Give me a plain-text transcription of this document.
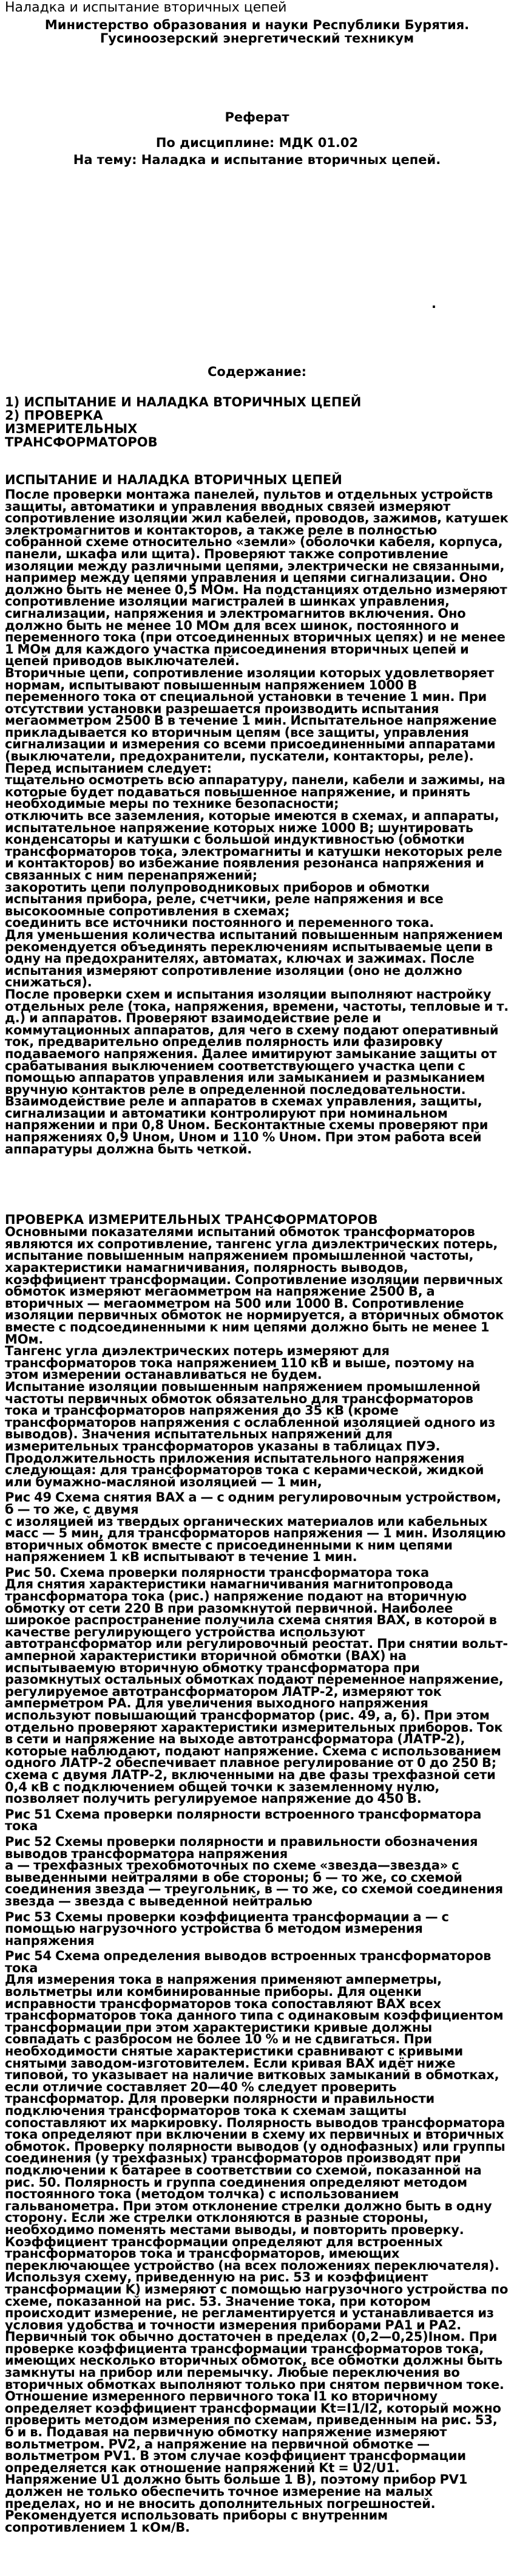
Наладка и испытание вторичных цепей
Министерство образования и науки Республики Бурятия.
Гусиноозерский энергетический техникум
Реферат
По дисциплине: МДК 01.02
На тему: Наладка и испытание вторичных цепей.
.
Содержание:
1) ИСПЫТАНИЕ И НАЛАДКА ВТОРИЧНЫХ ЦЕПЕЙ
2) ПРОВЕРКА ИЗМЕРИТЕЛЬНЫХ ТРАНСФОРМАТОРОВ
ИСПЫТАНИЕ И НАЛАДКА ВТОРИЧНЫХ ЦЕПЕЙ

После проверки монтажа панелей, пультов и отдельных устройств защиты, автоматики и управления вводных связей измеряют сопротивление изоляции жил кабелей, проводов, зажимов, катушек электромагнитов и контакторов, а также реле в полностью собранной схеме относительно «земли» (оболочки кабеля, корпуса, панели, шкафа или щита). Проверяют также сопротивление изоляции между различными цепями, электрически не связанными, например между цепями управления и цепями сигнализации. Оно должно быть не менее 0,5 МОм. На подстанциях отдельно измеряют сопротивление изоляции магистралей в шинках управления, сигнализации, напряжения и электромагнитов включения. Оно должно быть не менее 10 МОм для всех шинок, постоянного и переменного тока (при отсоединенных вторичных цепях) и не менее 1 МОм для каждого участка присоединения вторичных цепей и цепей приводов выключателей.

Вторичные цепи, сопротивление изоляции которых удовлетворяет нормам, испытывают повышенным напряжением 1000 В переменного тока от специальной установки в течение 1 мин. При отсутствии установки разрешается производить испытания мегаомметром 2500 В в течение 1 мин. Испытательное напряжение прикладывается ко вторичным цепям (все защиты, управления сигнализации и измерения со всеми присоединенными аппаратами (выключатели, предохранители, пускатели, контакторы, реле).

Перед испытанием следует:

тщательно осмотреть всю аппаратуру, панели, кабели и зажимы, на которые будет подаваться повышенное напряжение, и принять необходимые меры по технике безопасности;

отключить все заземления, которые имеются в схемах, и аппараты, испытательное напряжение которых ниже 1000 В; шунтировать конденсаторы и катушки с большой индуктивностью (обмотки трансформаторов тока, электромагниты и катушки некоторых реле и контакторов) во избежание появления резонанса напряжения и связанных с ним перенапряжений;

закоротить цепи полупроводниковых приборов и обмотки испытания прибора, реле, счетчики, реле напряжения и все высокоомные сопротивления в схемах;

соединить все источники постоянного и переменного тока.

Для уменьшения количества испытаний повышенным напряжением рекомендуется объединять переключениям испытываемые цепи в одну на предохранителях, автоматах, ключах и зажимах. После испытания измеряют сопротивление изоляции (оно не должно снижаться).

После проверки схем и испытания изоляции выполняют настройку отдельных реле (тока, напряжения, времени, частоты, тепловые и т. д.) и аппаратов. Проверяют взаимодействие реле и коммутационных аппаратов, для чего в схему подают оперативный ток, предварительно определив полярность или фазировку подаваемого напряжения. Далее имитируют замыкание защиты от срабатывания выключением соответствующего участка цепи с помощью аппаратов управления или замыканием и размыканием вручную контактов реле в определенной последовательности.

Взаимодействие реле и аппаратов в схемах управления, защиты, сигнализации и автоматики контролируют при номинальном напряжении и при 0,8 Uном. Бесконтактные схемы проверяют при напряжениях 0,9 Uном, Uном и 110 % Uном. При этом работа всей аппаратуры должна быть четкой.

ПРОВЕРКА ИЗМЕРИТЕЛЬНЫХ ТРАНСФОРМАТОРОВ

Основными показателями испытаний обмоток трансформаторов являются их сопротивление, тангенс угла диэлектрических потерь, испытание повышенным напряжением промышленной частоты, характеристики намагничивания, полярность выводов, коэффициент трансформации. Сопротивление изоляции первичных обмоток измеряют мегаомметром на напряжение 2500 В, а вторичных — мегаомметром на 500 или 1000 В. Сопротивление изоляции первичных обмоток не нормируется, а вторичных обмоток вместе с подсоединенными к ним цепями должно быть не менее 1 МОм.

Тангенс угла диэлектрических потерь измеряют для трансформаторов тока напряжением 110 кВ и выше, поэтому на этом измерении останавливаться не будем.

Испытание изоляции повышенным напряжением промышленной частоты первичных обмоток обязательно для трансформаторов тока и трансформаторов напряжения до 35 кВ (кроме трансформаторов напряжения с ослабленной изоляцией одного из выводов). Значения испытательных напряжений для измерительных трансформаторов указаны в таблицах ПУЭ. Продолжительность приложения испытательного напряжения следующая: для трансформаторов тока с керамической, жидкой или бумажно-масляной изоляцией — 1 мин,

Рис 49 Схема снятия ВАХ а — с одним регулировочным устройством, б — то же, с двумя

с изоляцией из твердых органических материалов или кабельных масс — 5 мин, для трансформаторов напряжения — 1 мин. Изоляцию вторичных обмоток вместе с присоединенными к ним цепями напряжением 1 кВ испытывают в течение 1 мин.

Рис 50. Схема проверки полярности трансформатора тока

Для снятия характеристики намагничивания магнитопровода трансформатора тока (рис.) напряжение подают на вторичную обмотку от сети 220 В при разомкнутой первичной. Наиболее широкое распространение получила схема снятия ВАХ, в которой в качестве регулирующего устройства используют автотрансформатор или регулировочный реостат. При снятии вольт-амперной характеристики вторичной обмотки (ВАХ) на испытываемую вторичную обмотку трансформатора при разомкнутых остальных обмотках подают переменное напряжение, регулируемое автотрансформатором ЛАТР-2, измеряют ток амперметром РА. Для увеличения выходного напряжения используют повышающий трансформатор (рис. 49, а, б). При этом отдельно проверяют характеристики измерительных приборов. Ток в сети и напряжение на выходе автотрансформатора (ЛАТР-2), которые наблюдают, подают напряжение. Схема с использованием одного ЛАТР-2 обеспечивает плавное регулирование от 0 до 250 В; схема с двумя ЛАТР-2, включенными на две фазы трехфазной сети 0,4 кВ с подключением общей точки к заземленному нулю, позволяет получить регулируемое напряжение до 450 В.

Рис 51 Схема проверки полярности встроенного трансформатора тока

Рис 52 Схемы проверки полярности и правильности обозначения выводов трансформатора напряжения

а — трехфазных трехобмоточных по схеме «звезда—звезда» с выведенными нейтралями в обе стороны; б — то же, со схемой соединения звезда — треугольник, в — то же, со схемой соединения звезда — звезда с выведенной нейтралью

Рис 53 Схемы проверки коэффициента трансформации а — с помощью нагрузочного устройства б методом измерения напряжения

Рис 54 Схема определения выводов встроенных трансформаторов тока

Для измерения тока в напряжения применяют амперметры, вольтметры или комбинированные приборы. Для оценки исправности трансформаторов тока сопоставляют ВАХ всех трансформаторов тока данного типа с одинаковым коэффициентом трансформации при этом характеристики кривые должны совпадать с разбросом не более 10 % и не сдвигаться. При необходимости снятые характеристики сравнивают с кривыми снятыми заводом-изготовителем. Если кривая ВАХ идёт ниже типовой, то указывает на наличие витковых замыканий в обмотках, если отличие составляет 20—40 % следует проверить трансформатор. Для проверки полярности и правильности подключения трансформаторов тока к схемам защиты сопоставляют их маркировку. Полярность выводов трансформатора тока определяют при включении в схему их первичных и вторичных обмоток. Проверку полярности выводов (у однофазных) или группы соединения (у трехфазных) трансформаторов производят при подключении к батарее в соответствии со схемой, показанной на рис. 50. Полярность и группа соединения определяют методом постоянного тока (методом толчка) с использованием гальванометра. При этом отклонение стрелки должно быть в одну сторону. Если же стрелки отклоняются в разные стороны, необходимо поменять местами выводы, и повторить проверку.

Коэффициент трансформации определяют для встроенных трансформаторов тока и трансформаторов, имеющих переключающее устройство (на всех положениях переключателя). Используя схему, приведенную на рис. 53 и коэффициент трансформации K) измеряют с помощью нагрузочного устройства по схеме, показанной на рис. 53. Значение тока, при котором происходит измерение, не регламентируется и устанавливается из условия удобства и точности измерения приборами РА1 и РА2. Первичный ток обычно достаточен в пределах (0,2—0,25)Iном. При проверке коэффициента трансформации трансформаторов тока, имеющих несколько вторичных обмоток, все обмотки должны быть замкнуты на прибор или перемычку. Любые переключения во вторичных обмотках выполняют только при снятом первичном токе.

Отношение измеренного первичного тока I1 ко вторичному определяет коэффициент трансформации Kt=I1/I2, который можно проверить методом измерения по схемам, приведенным на рис. 53, б и в. Подавая на первичную обмотку напряжение измеряют вольтметром. PV2, а напряжение на первичной обмотке — вольтметром PV1. В этом случае коэффициент трансформации определяется как отношение напряжений Kt = U2/U1.

Напряжение U1 должно быть больше 1 В), поэтому прибор PV1 должен не только обеспечить точное измерение на малых пределах, но и не вносить дополнительных погрешностей. Рекомендуется использовать приборы с внутренним сопротивлением 1 кОм/В.
